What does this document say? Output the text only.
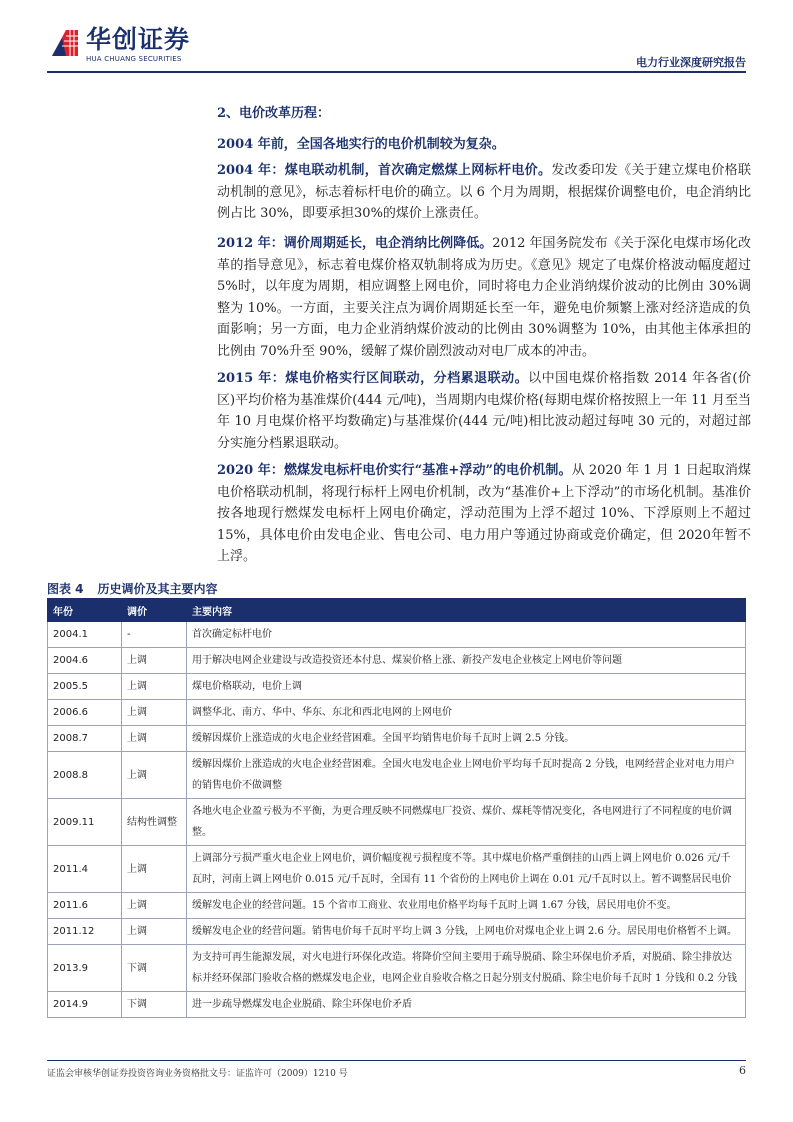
华创证券
HUA CHUANG SECURITIES	电力行业深度研究报告
2、电价改革历程：
2004 年前，全国各地实行的电价机制较为复杂。
2004 年：煤电联动机制，首次确定燃煤上网标杆电价。发改委印发《关于建立煤电价格联动机制的意见》，标志着标杆电价的确立。以 6 个月为周期，根据煤价调整电价，电企消纳比例占比 30%，即要承担30%的煤价上涨责任。
2012 年：调价周期延长，电企消纳比例降低。2012 年国务院发布《关于深化电煤市场化改革的指导意见》，标志着电煤价格双轨制将成为历史。《意见》规定了电煤价格波动幅度超过 5%时，以年度为周期，相应调整上网电价，同时将电力企业消纳煤价波动的比例由 30%调整为 10%。一方面，主要关注点为调价周期延长至一年，避免电价频繁上涨对经济造成的负面影响；另一方面，电力企业消纳煤价波动的比例由 30%调整为 10%，由其他主体承担的比例由 70%升至 90%，缓解了煤价剧烈波动对电厂成本的冲击。
2015 年：煤电价格实行区间联动，分档累退联动。以中国电煤价格指数 2014 年各省(价区)平均价格为基准煤价(444 元/吨)，当周期内电煤价格(每期电煤价格按照上一年 11 月至当年 10 月电煤价格平均数确定)与基准煤价(444 元/吨)相比波动超过每吨 30 元的，对超过部分实施分档累退联动。
2020 年：燃煤发电标杆电价实行“基准+浮动”的电价机制。从 2020 年 1 月 1 日起取消煤电价格联动机制，将现行标杆上网电价机制，改为“基准价+上下浮动”的市场化机制。基准价按各地现行燃煤发电标杆上网电价确定，浮动范围为上浮不超过 10%、下浮原则上不超过 15%，具体电价由发电企业、售电公司、电力用户等通过协商或竞价确定，但 2020年暂不上浮。
图表 4 历史调价及其主要内容
年份	调价	主要内容
2004.1	-	首次确定标杆电价
2004.6	上调	用于解决电网企业建设与改造投资还本付息、煤炭价格上涨、新投产发电企业核定上网电价等问题
2005.5	上调	煤电价格联动，电价上调
2006.6	上调	调整华北、南方、华中、华东、东北和西北电网的上网电价
2008.7	上调	缓解因煤价上涨造成的火电企业经营困难。全国平均销售电价每千瓦时上调 2.5 分钱。
2008.8	上调	缓解因煤价上涨造成的火电企业经营困难。全国火电发电企业上网电价平均每千瓦时提高 2 分钱，电网经营企业对电力用户的销售电价不做调整
2009.11	结构性调整	各地火电企业盈亏极为不平衡，为更合理反映不同燃煤电厂投资、煤价、煤耗等情况变化，各电网进行了不同程度的电价调整。
2011.4	上调	上调部分亏损严重火电企业上网电价，调价幅度视亏损程度不等。其中煤电价格严重倒挂的山西上调上网电价 0.026 元/千瓦时，河南上调上网电价 0.015 元/千瓦时，全国有 11 个省份的上网电价上调在 0.01 元/千瓦时以上。暂不调整居民电价
2011.6	上调	缓解发电企业的经营问题。15 个省市工商业、农业用电价格平均每千瓦时上调 1.67 分钱，居民用电价不变。
2011.12	上调	缓解发电企业的经营问题。销售电价每千瓦时平均上调 3 分钱，上网电价对煤电企业上调 2.6 分。居民用电价格暂不上调。
2013.9	下调	为支持可再生能源发展，对火电进行环保化改造。将降价空间主要用于疏导脱硝、除尘环保电价矛盾，对脱硝、除尘排放达标并经环保部门验收合格的燃煤发电企业，电网企业自验收合格之日起分别支付脱硝、除尘电价每千瓦时 1 分钱和 0.2 分钱
2014.9	下调	进一步疏导燃煤发电企业脱硝、除尘环保电价矛盾
证监会审核华创证券投资咨询业务资格批文号：证监许可（2009）1210 号	6
